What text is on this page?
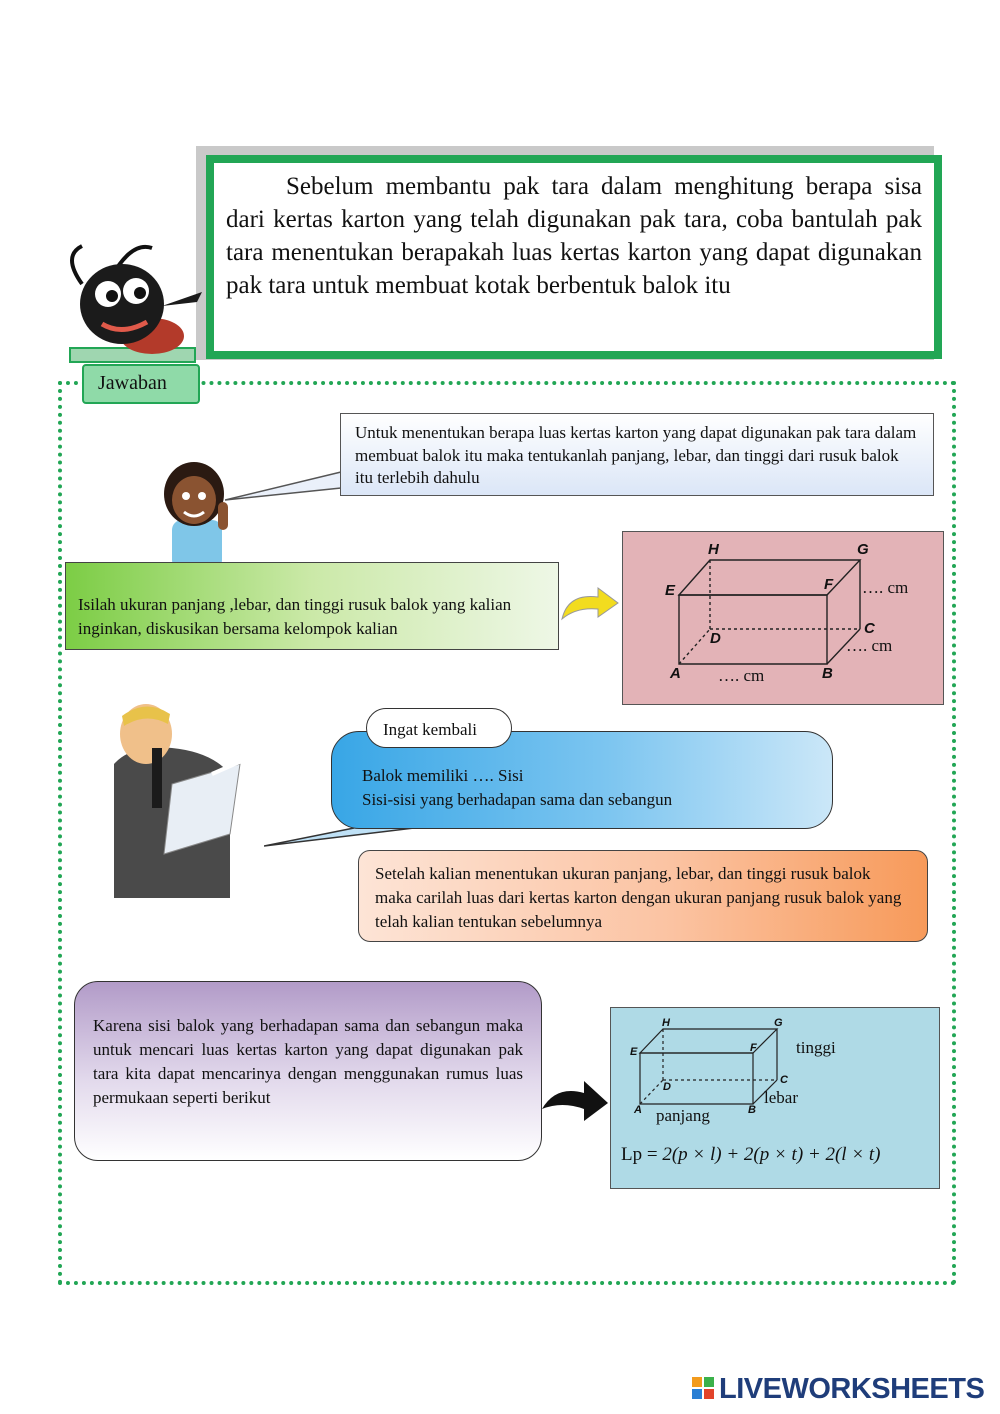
Sebelum membantu pak tara dalam menghitung berapa sisa dari kertas karton yang telah digunakan pak tara, coba bantulah pak tara menentukan berapakah luas kertas karton yang dapat digunakan pak tara untuk membuat kotak berbentuk balok itu
Jawaban
Untuk menentukan berapa luas kertas karton yang dapat digunakan pak tara dalam membuat balok itu maka tentukanlah panjang, lebar, dan tinggi dari rusuk balok itu terlebih dahulu
Isilah ukuran panjang ,lebar, dan tinggi rusuk balok yang kalian inginkan, diskusikan bersama kelompok kalian
H	G
E	F
D
C
A	B
…. cm
…. cm
…. cm
Balok memiliki …. Sisi
Sisi-sisi yang berhadapan sama dan sebangun
Ingat kembali
Setelah kalian menentukan ukuran panjang, lebar, dan tinggi rusuk balok maka carilah luas dari kertas karton dengan ukuran panjang rusuk balok yang telah kalian tentukan sebelumnya
Karena sisi balok yang berhadapan sama dan sebangun maka untuk mencari luas kertas karton yang dapat digunakan pak tara kita dapat mencarinya dengan menggunakan rumus luas permukaan seperti berikut
H	G
E	F
D
C
A	B
tinggi
lebar
panjang
Lp = 2(p × l) + 2(p × t) + 2(l × t)
LIVEWORKSHEETS
